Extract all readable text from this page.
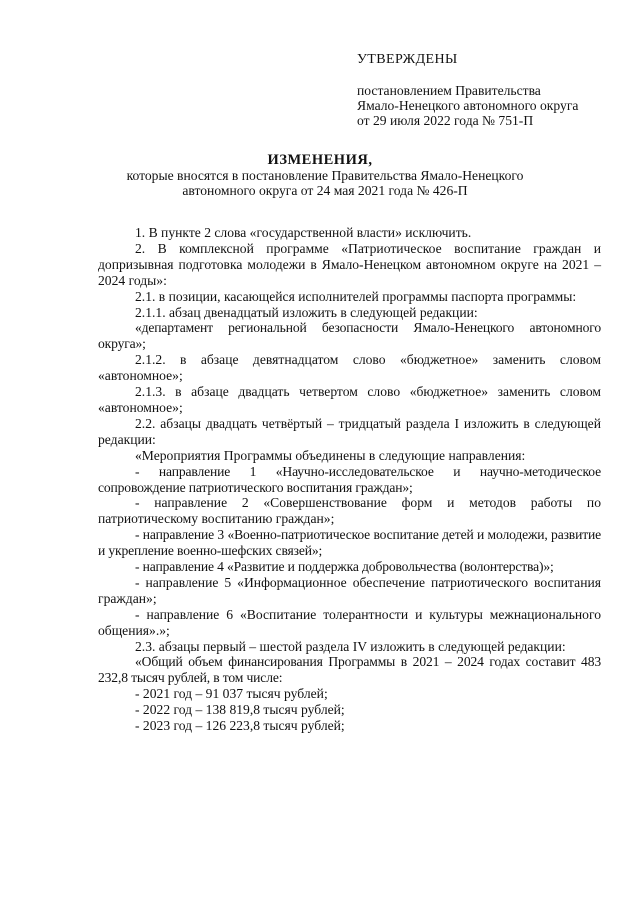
УТВЕРЖДЕНЫ
постановлением Правительства
Ямало-Ненецкого автономного округа
от 29 июля 2022 года № 751-П
ИЗМЕНЕНИЯ,
которые вносятся в постановление Правительства Ямало-Ненецкого
автономного округа от 24 мая 2021 года № 426-П

1. В пункте 2 слова «государственной власти» исключить.

2. В комплексной программе «Патриотическое воспитание граждан и допризывная подготовка молодежи в Ямало-Ненецком автономном округе на 2021 – 2024 годы»:

2.1. в позиции, касающейся исполнителей программы паспорта программы:

2.1.1. абзац двенадцатый изложить в следующей редакции:

«департамент региональной безопасности Ямало-Ненецкого автономного округа»;

2.1.2. в абзаце девятнадцатом слово «бюджетное» заменить словом «автономное»;

2.1.3. в абзаце двадцать четвертом слово «бюджетное» заменить словом «автономное»;

2.2. абзацы двадцать четвёртый – тридцатый раздела I изложить в следующей редакции:

«Мероприятия Программы объединены в следующие направления:

- направление 1 «Научно-исследовательское и научно-методическое сопровождение патриотического воспитания граждан»;

- направление 2 «Совершенствование форм и методов работы по патриотическому воспитанию граждан»;

- направление 3 «Военно-патриотическое воспитание детей и молодежи, развитие и укрепление военно-шефских связей»;

- направление 4 «Развитие и поддержка добровольчества (волонтерства)»;

- направление 5 «Информационное обеспечение патриотического воспитания граждан»;

- направление 6 «Воспитание толерантности и культуры межнационального общения».»;

2.3. абзацы первый – шестой раздела IV изложить в следующей редакции:

«Общий объем финансирования Программы в 2021 – 2024 годах составит 483 232,8 тысяч рублей, в том числе:

- 2021 год – 91 037 тысяч рублей;

- 2022 год – 138 819,8 тысяч рублей;

- 2023 год – 126 223,8 тысяч рублей;
